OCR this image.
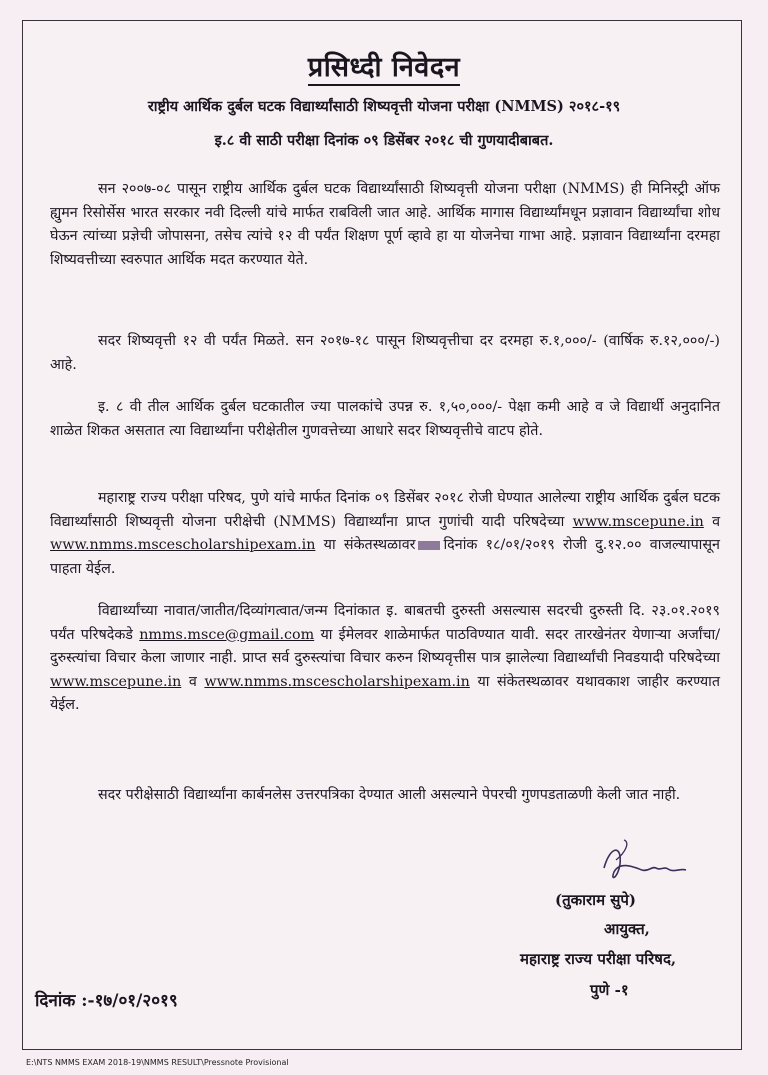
प्रसिध्दी निवेदन
राष्ट्रीय आर्थिक दुर्बल घटक विद्यार्थ्यांसाठी शिष्यवृत्ती योजना परीक्षा (NMMS) २०१८-१९
इ.८ वी साठी परीक्षा दिनांक ०९ डिसेंबर २०१८ ची गुणयादीबाबत.
सन २००७-०८ पासून राष्ट्रीय आर्थिक दुर्बल घटक विद्यार्थ्यांसाठी शिष्यवृत्ती योजना परीक्षा (NMMS) ही मिनिस्ट्री ऑफ ह्युमन रिसोर्सेस भारत सरकार नवी दिल्ली यांचे मार्फत राबविली जात आहे. आर्थिक मागास विद्यार्थ्यांमधून प्रज्ञावान विद्यार्थ्यांचा शोध घेऊन त्यांच्या प्रज्ञेची जोपासना, तसेच त्यांचे १२ वी पर्यंत शिक्षण पूर्ण व्हावे हा या योजनेचा गाभा आहे. प्रज्ञावान विद्यार्थ्यांना दरमहा शिष्यवत्तीच्या स्वरुपात आर्थिक मदत करण्यात येते.
सदर शिष्यवृत्ती १२ वी पर्यंत मिळते. सन २०१७-१८ पासून शिष्यवृत्तीचा दर दरमहा रु.१,०००/- (वार्षिक रु.१२,०००/-) आहे.
इ. ८ वी तील आर्थिक दुर्बल घटकातील ज्या पालकांचे उपन्न रु. १,५०,०००/- पेक्षा कमी आहे व जे विद्यार्थी अनुदानित शाळेत शिकत असतात त्या विद्यार्थ्यांना परीक्षेतील गुणवत्तेच्या आधारे सदर शिष्यवृत्तीचे वाटप होते.
महाराष्ट्र राज्य परीक्षा परिषद, पुणे यांचे मार्फत दिनांक ०९ डिसेंबर २०१८ रोजी घेण्यात आलेल्या राष्ट्रीय आर्थिक दुर्बल घटक विद्यार्थ्यांसाठी शिष्यवृत्ती योजना परीक्षेची (NMMS) विद्यार्थ्यांना प्राप्त गुणांची यादी परिषदेच्या www.mscepune.in व www.nmms.mscescholarshipexam.in या संकेतस्थळावर दिनांक १८/०१/२०१९ रोजी दु.१२.०० वाजल्यापासून पाहता येईल.
विद्यार्थ्यांच्या नावात/जातीत/दिव्यांगत्वात/जन्म दिनांकात इ. बाबतची दुरुस्ती असल्यास सदरची दुरुस्ती दि. २३.०१.२०१९ पर्यंत परिषदेकडे nmms.msce@gmail.com या ईमेलवर शाळेमार्फत पाठविण्यात यावी. सदर तारखेनंतर येणाऱ्या अर्जांचा/दुरुस्त्यांचा विचार केला जाणार नाही. प्राप्त सर्व दुरुस्त्यांचा विचार करुन शिष्यवृत्तीस पात्र झालेल्या विद्यार्थ्यांची निवडयादी परिषदेच्या www.mscepune.in व www.nmms.mscescholarshipexam.in या संकेतस्थळावर यथावकाश जाहीर करण्यात येईल.
सदर परीक्षेसाठी विद्यार्थ्यांना कार्बनलेस उत्तरपत्रिका देण्यात आली असल्याने पेपरची गुणपडताळणी केली जात नाही.
(तुकाराम सुपे)
आयुक्त,
महाराष्ट्र राज्य परीक्षा परिषद,
पुणे -१
दिनांक :-१७/०१/२०१९
E:\NTS NMMS EXAM 2018-19\NMMS RESULT\Pressnote Provisional
